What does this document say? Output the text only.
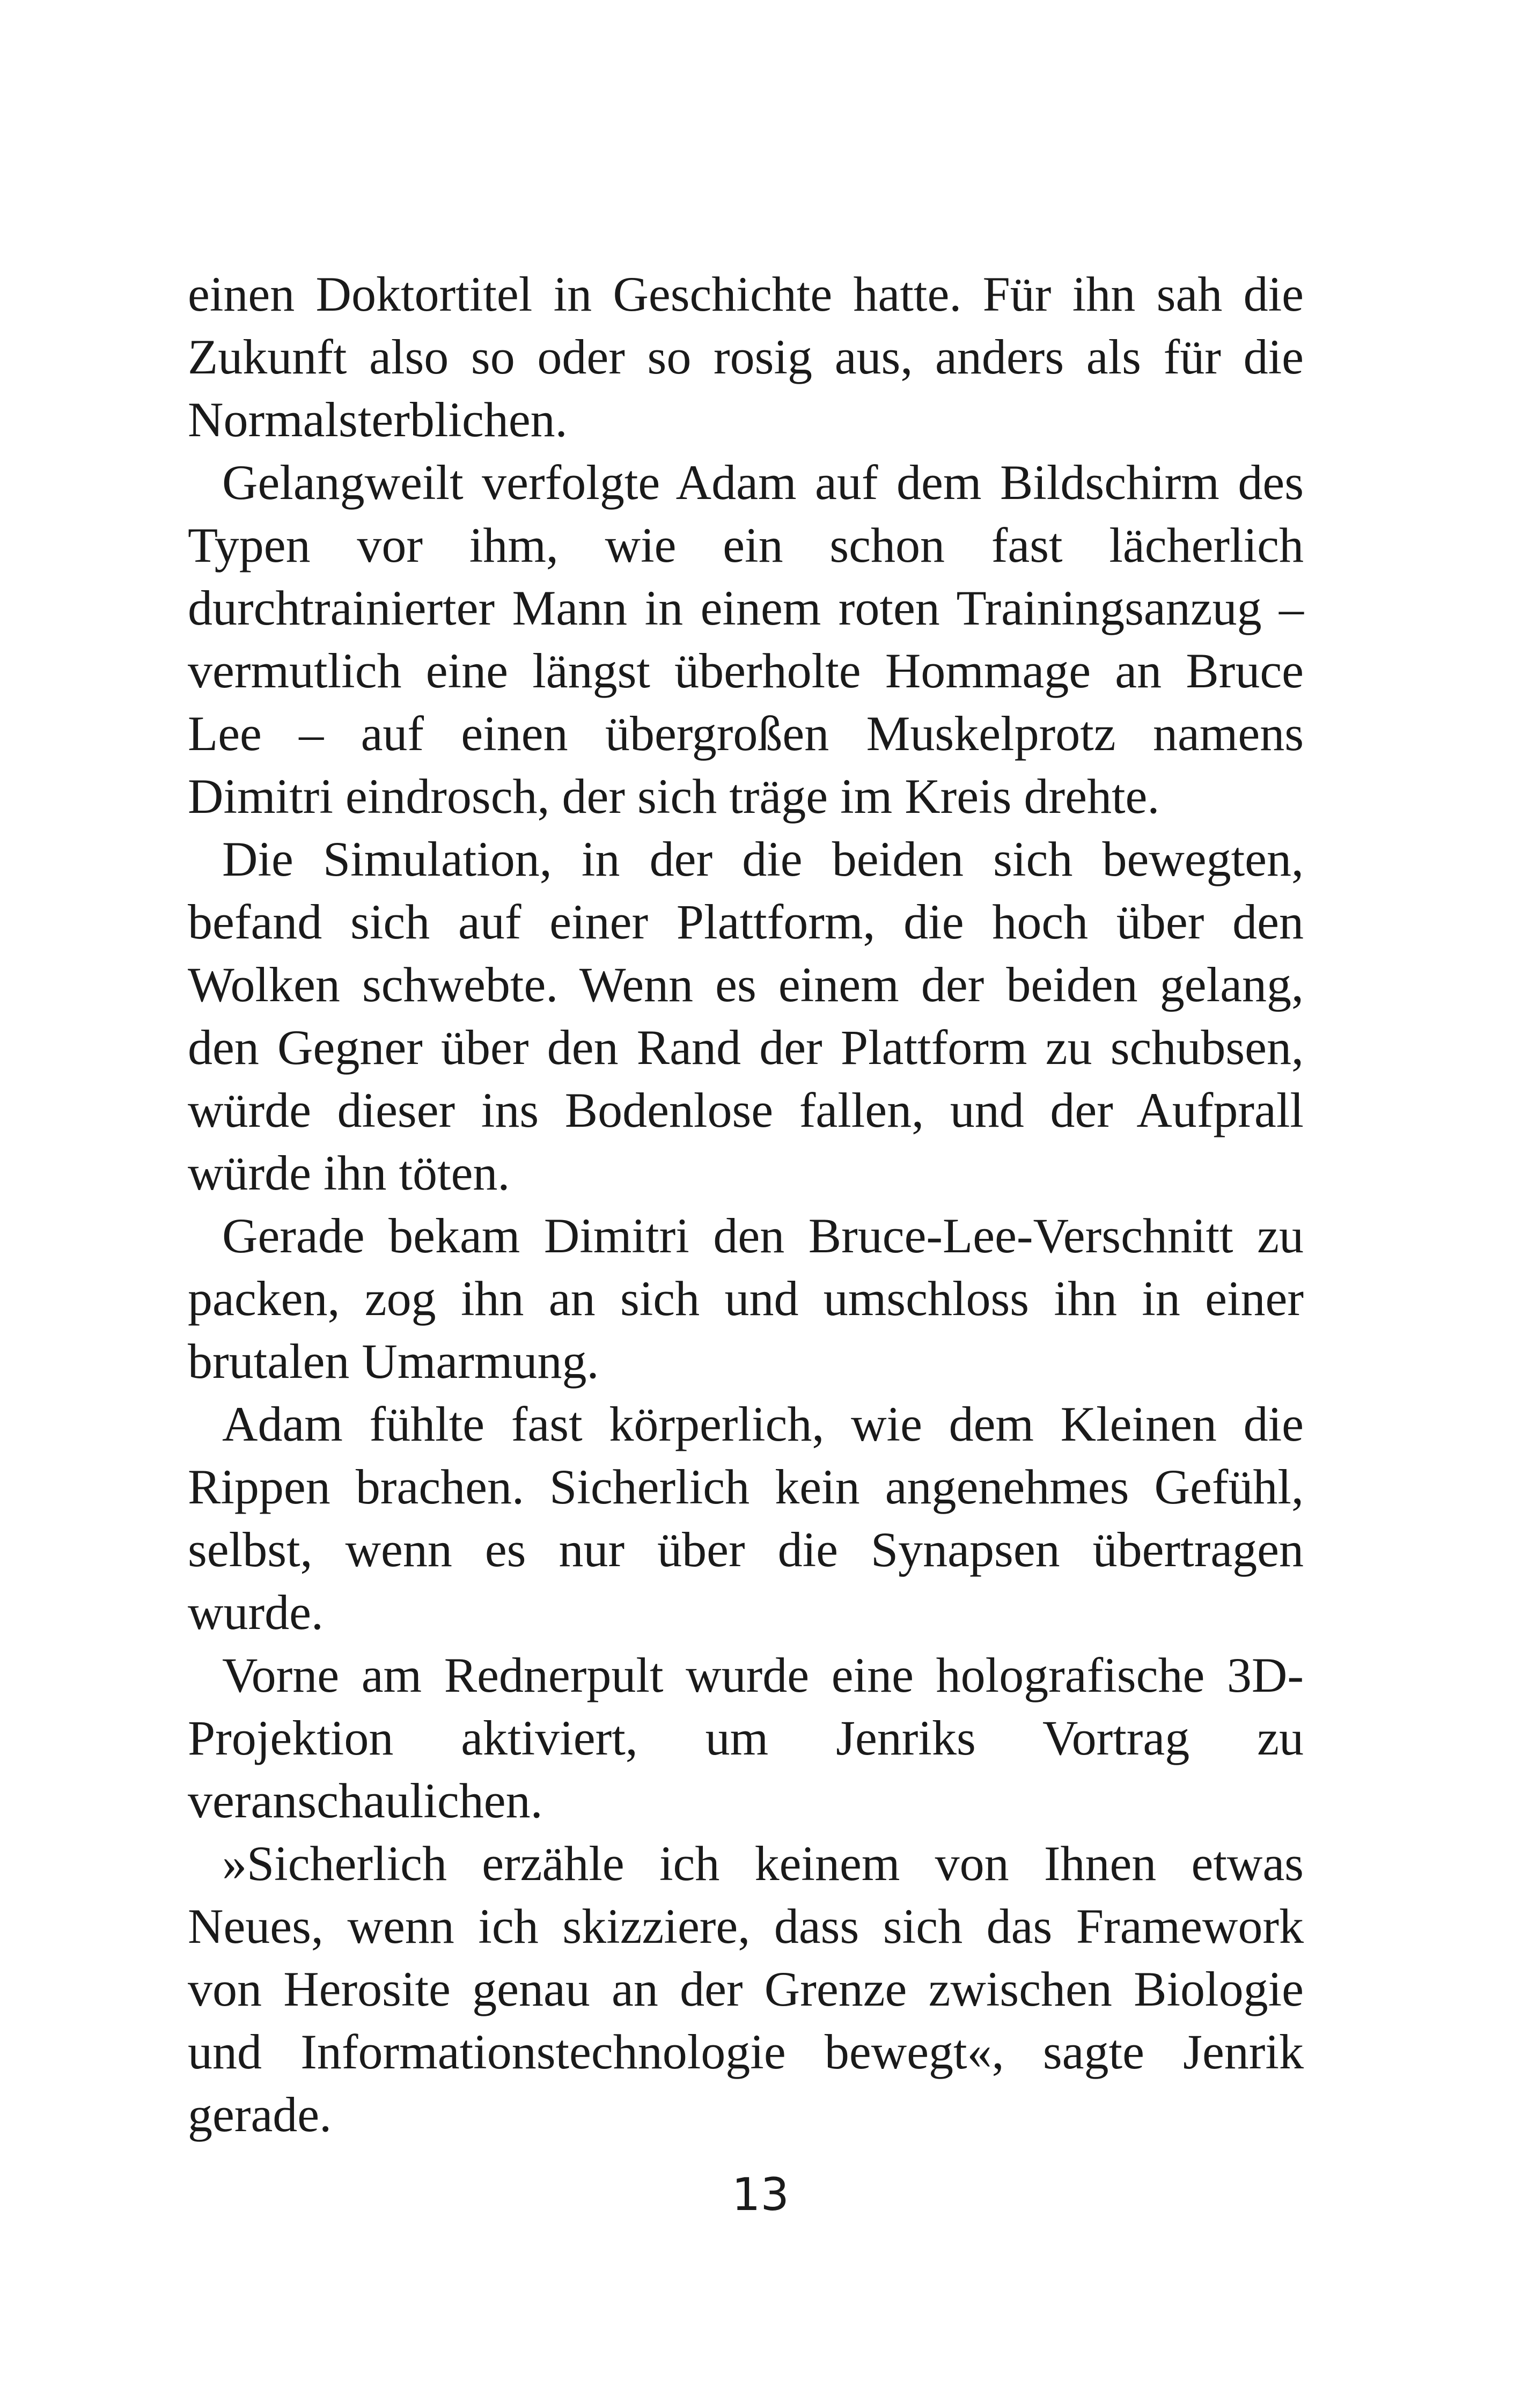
einen Doktortitel in Geschichte hatte. Für ihn sah die Zukunft also so oder so rosig aus, anders als für die Normalsterblichen.

Gelangweilt verfolgte Adam auf dem Bildschirm des Typen vor ihm, wie ein schon fast lächerlich durchtrainierter Mann in einem roten Trainingsanzug – vermutlich eine längst überholte Hommage an Bruce Lee – auf einen übergroßen Muskelprotz namens Dimitri eindrosch, der sich träge im Kreis drehte.

Die Simulation, in der die beiden sich bewegten, befand sich auf einer Plattform, die hoch über den Wolken schwebte. Wenn es einem der beiden gelang, den Gegner über den Rand der Plattform zu schubsen, würde dieser ins Bodenlose fallen, und der Aufprall würde ihn töten.

Gerade bekam Dimitri den Bruce-Lee-Verschnitt zu packen, zog ihn an sich und umschloss ihn in einer brutalen Umarmung.

Adam fühlte fast körperlich, wie dem Kleinen die Rippen brachen. Sicherlich kein angenehmes Gefühl, selbst, wenn es nur über die Synapsen übertragen wurde.

Vorne am Rednerpult wurde eine holografische 3D-Projektion aktiviert, um Jenriks Vortrag zu veranschaulichen.

»Sicherlich erzähle ich keinem von Ihnen etwas Neues, wenn ich skizziere, dass sich das Framework von Herosite genau an der Grenze zwischen Biologie und Informationstechnologie bewegt«, sagte Jenrik gerade.

13
